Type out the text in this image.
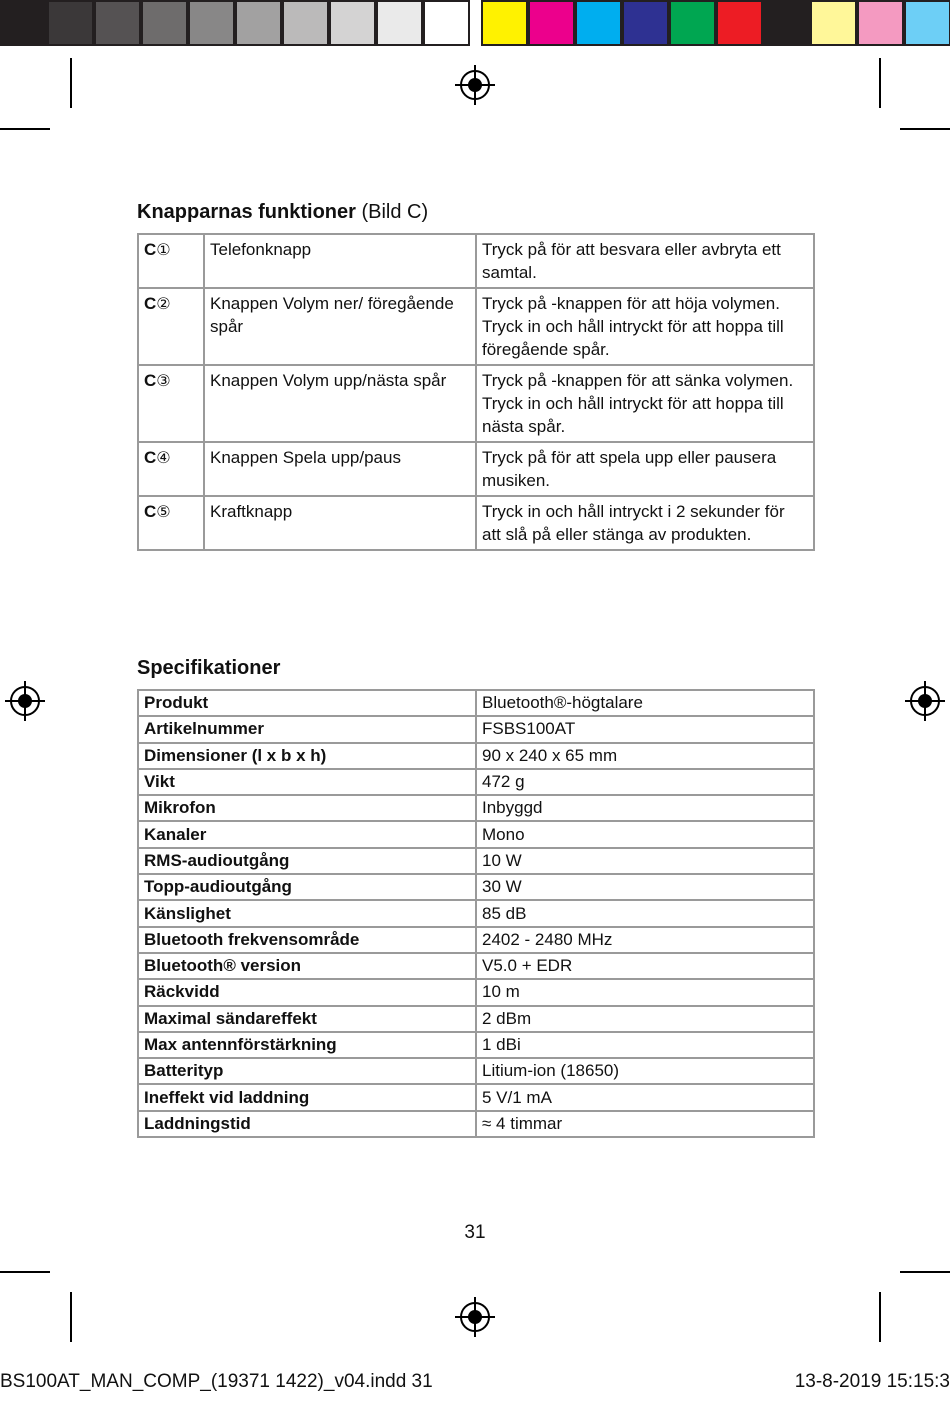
Knapparnas funktioner (Bild C)
C①	Telefonknapp	Tryck på för att besvara eller avbryta ett samtal.

C②	Knappen Volym ner/ föregående spår	Tryck på -knappen för att höja volymen.
Tryck in och håll intryckt för att hoppa till föregående spår.

C③	Knappen Volym upp/nästa spår	Tryck på -knappen för att sänka volymen.
Tryck in och håll intryckt för att hoppa till nästa spår.

C④	Knappen Spela upp/paus	Tryck på för att spela upp eller pausera musiken.

C⑤	Kraftknapp	Tryck in och håll intryckt i 2 sekunder för att slå på eller stänga av produkten.
Specifikationer
Produkt	Bluetooth®-högtalare
Artikelnummer	FSBS100AT
Dimensioner (l x b x h)	90 x 240 x 65 mm
Vikt	472 g
Mikrofon	Inbyggd
Kanaler	Mono
RMS-audioutgång	10 W
Topp-audioutgång	30 W
Känslighet	85 dB
Bluetooth frekvensområde	2402 - 2480 MHz
Bluetooth® version	V5.0 + EDR
Räckvidd	10 m
Maximal sändareffekt	2 dBm
Max antennförstärkning	1 dBi
Batterityp	Litium-ion (18650)
Ineffekt vid laddning	5 V/1 mA
Laddningstid	≈ 4 timmar
31
BS100AT_MAN_COMP_(19371 1422)_v04.indd 31	13-8-2019 15:15:3
